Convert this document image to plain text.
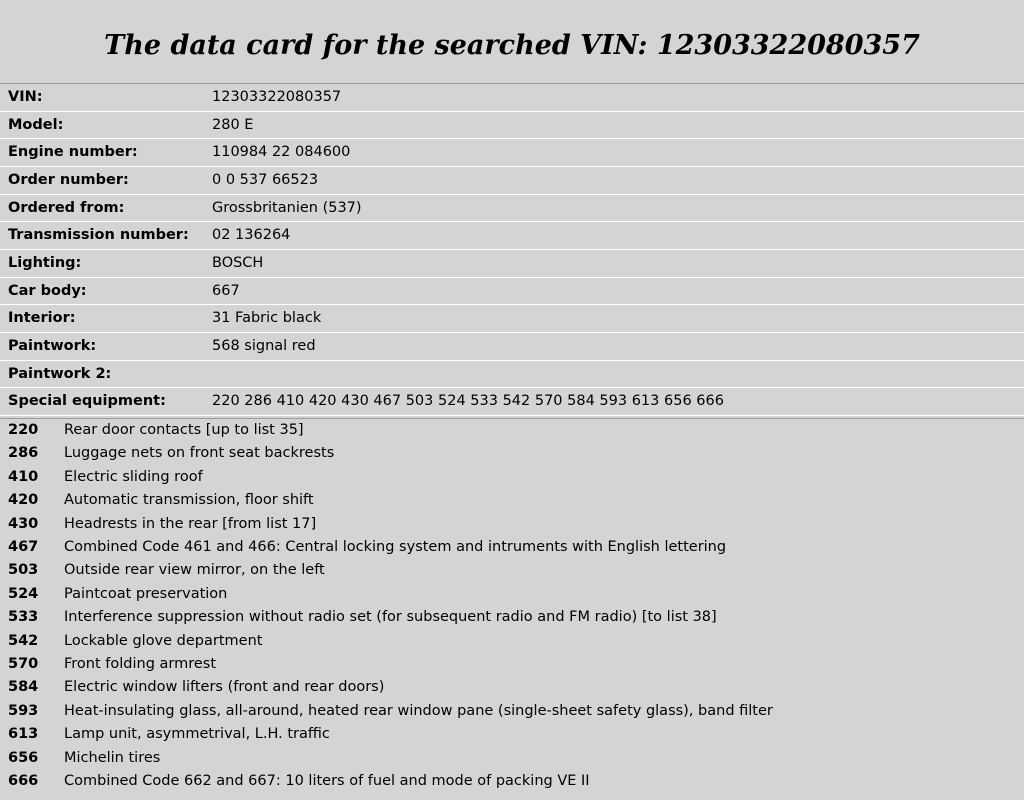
The data card for the searched VIN: 12303322080357
VIN:	12303322080357
Model:	280 E
Engine number:	110984 22 084600
Order number:	0 0 537 66523
Ordered from:	Grossbritanien (537)
Transmission number:	02 136264
Lighting:	BOSCH
Car body:	667
Interior:	31 Fabric black
Paintwork:	568 signal red
Paintwork 2:	
Special equipment:	220 286 410 420 430 467 503 524 533 542 570 584 593 613 656 666
220	Rear door contacts [up to list 35]
286	Luggage nets on front seat backrests
410	Electric sliding roof
420	Automatic transmission, floor shift
430	Headrests in the rear [from list 17]
467	Combined Code 461 and 466: Central locking system and intruments with English lettering
503	Outside rear view mirror, on the left
524	Paintcoat preservation
533	Interference suppression without radio set (for subsequent radio and FM radio) [to list 38]
542	Lockable glove department
570	Front folding armrest
584	Electric window lifters (front and rear doors)
593	Heat-insulating glass, all-around, heated rear window pane (single-sheet safety glass), band filter
613	Lamp unit, asymmetrival, L.H. traffic
656	Michelin tires
666	Combined Code 662 and 667: 10 liters of fuel and mode of packing VE II
